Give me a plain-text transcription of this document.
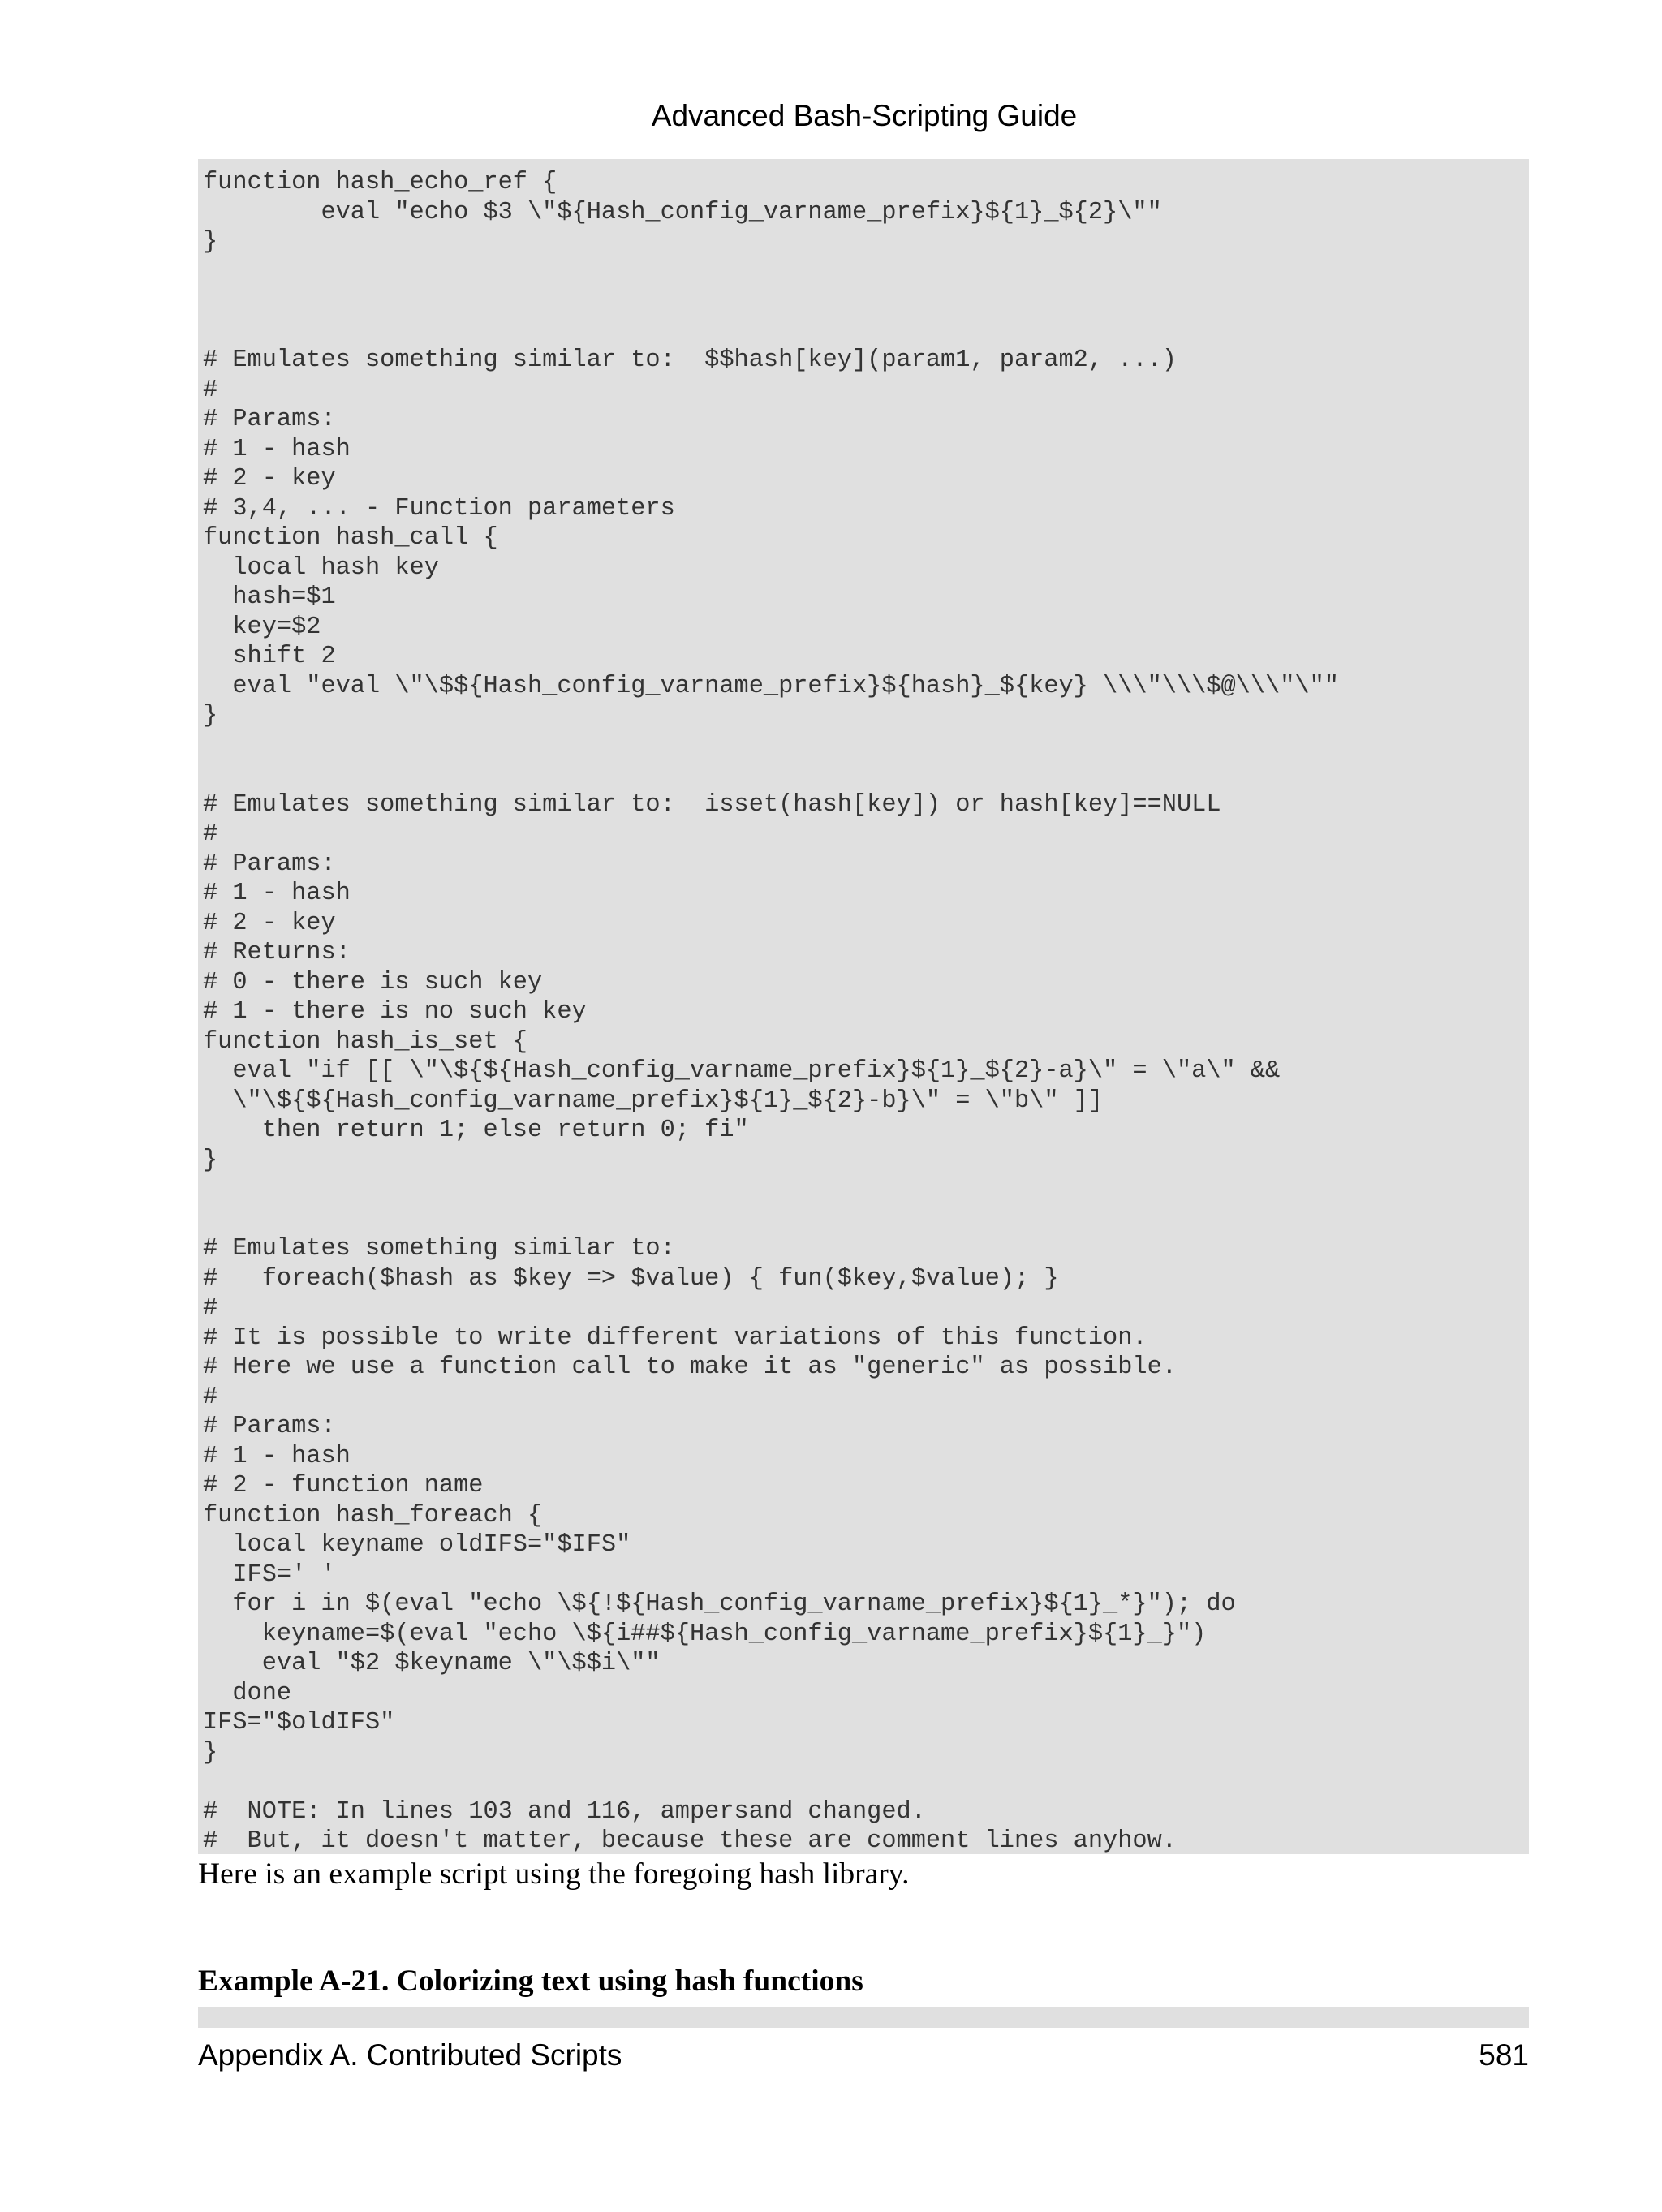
Advanced Bash-Scripting Guide
function hash_echo_ref {
eval "echo $3 \"${Hash_config_varname_prefix}${1}_${2}\""
}
# Emulates something similar to:  $$hash[key](param1, param2, ...)
#
# Params:
# 1 - hash
# 2 - key
# 3,4, ... - Function parameters
function hash_call {
local hash key
hash=$1
key=$2
shift 2
eval "eval \"\$${Hash_config_varname_prefix}${hash}_${key} \\\"\\\$@\\\"\""
}
# Emulates something similar to:  isset(hash[key]) or hash[key]==NULL
#
# Params:
# 1 - hash
# 2 - key
# Returns:
# 0 - there is such key
# 1 - there is no such key
function hash_is_set {
eval "if [[ \"\${${Hash_config_varname_prefix}${1}_${2}-a}\" = \"a\" &&
\"\${${Hash_config_varname_prefix}${1}_${2}-b}\" = \"b\" ]]
then return 1; else return 0; fi"
}
# Emulates something similar to:
#   foreach($hash as $key => $value) { fun($key,$value); }
#
# It is possible to write different variations of this function.
# Here we use a function call to make it as "generic" as possible.
#
# Params:
# 1 - hash
# 2 - function name
function hash_foreach {
local keyname oldIFS="$IFS"
IFS=' '
for i in $(eval "echo \${!${Hash_config_varname_prefix}${1}_*}"); do
keyname=$(eval "echo \${i##${Hash_config_varname_prefix}${1}_}")
eval "$2 $keyname \"\$$i\""
done
IFS="$oldIFS"
}
#  NOTE: In lines 103 and 116, ampersand changed.
#  But, it doesn't matter, because these are comment lines anyhow.
Here is an example script using the foregoing hash library.
Example A-21. Colorizing text using hash functions
Appendix A. Contributed Scripts	581
